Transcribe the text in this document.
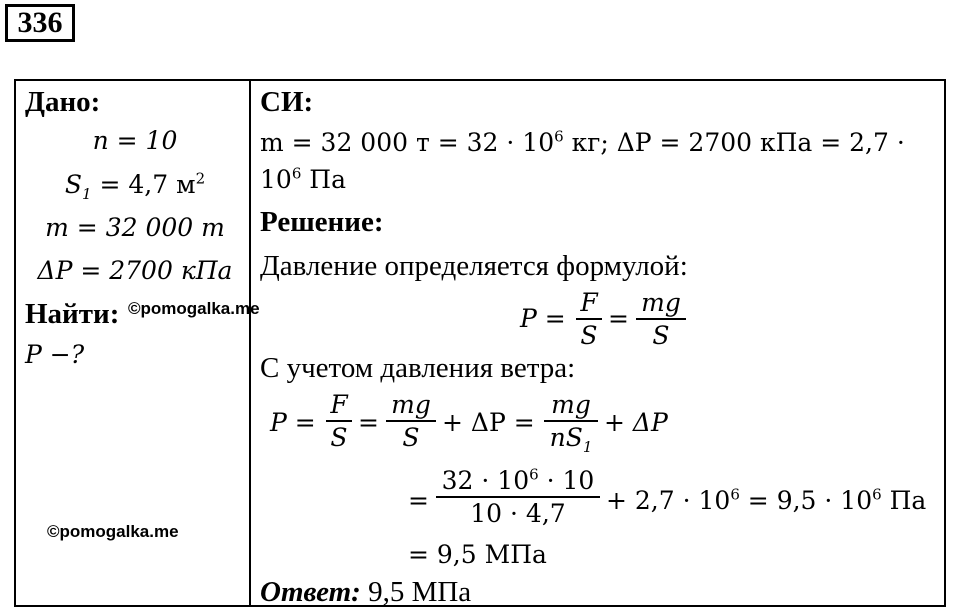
336
Дано:
n = 10
$S_1 = 4,7$ $м^2$
m = 32 000 т
ΔP = 2700 кПа
Найти: ©pomogalka.me
P −?
©pomogalka.me
СИ:
m = 32 000 $т = 32 \cdot 10^6$ кг; ΔP = 2700 кПа = 2,7 ·
$10^6$ Па
Решение:
Давление определяется формулой:
$P = \frac{F}{S} = \frac{mg}{S}$
С учетом давления ветра:
$P = \frac{F}{S} = \frac{mg}{S} + \Delta P = \frac{mg}{nS_1} + \Delta P$
= $\frac{32 \cdot 10^6 \cdot 10}{10 \cdot 4,7} + 2,7 \cdot 10^6 = 9,5 \cdot 10^6$ Па
= 9,5 МПа
Ответ: 9,5 МПа
